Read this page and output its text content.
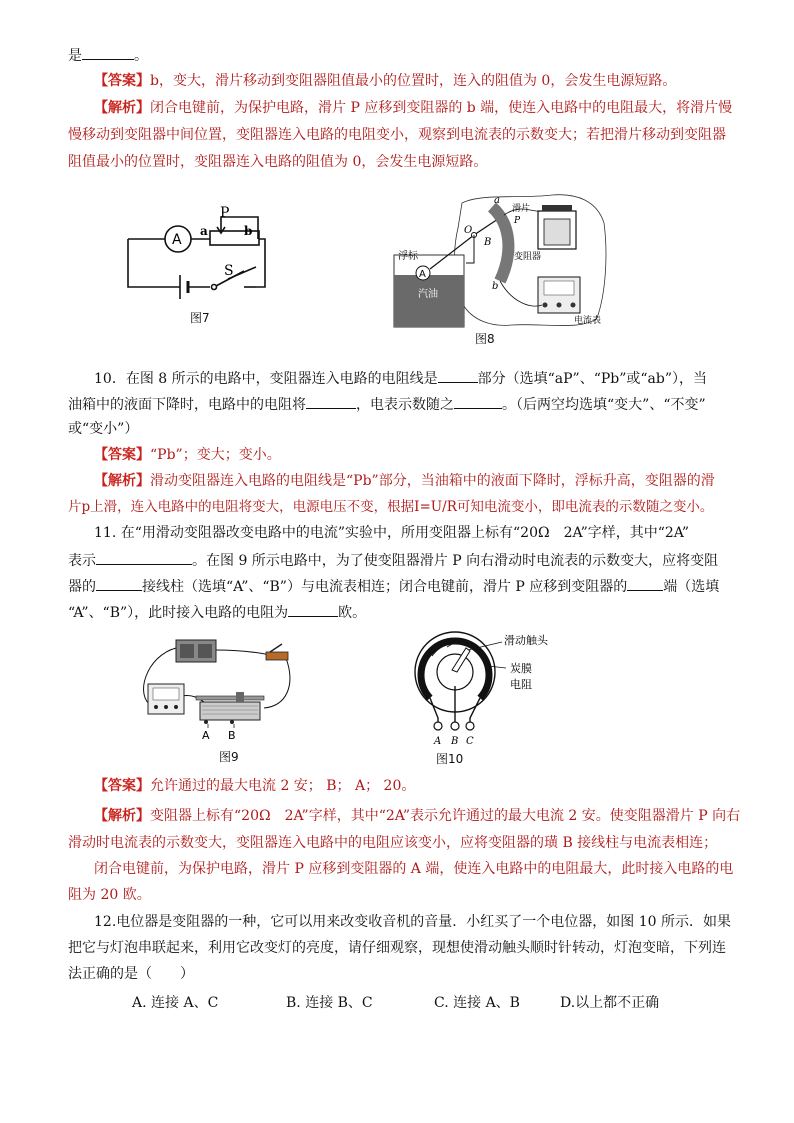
是	。
【答案】b，变大，滑片移动到变阻器阻值最小的位置时，连入的阻值为 0，会发生电源短路。
【解析】闭合电键前，为保护电路，滑片 P 应移到变阻器的 b 端，使连入电路中的电阻最大，将滑片慢
慢移动到变阻器中间位置，变阻器连入电路的电阻变小，观察到电流表的示数变大；若把滑片移动到变阻器
阻值最小的位置时，变阻器连入电路的阻值为 0，会发生电源短路。
A
P
a	b
S
图7
汽油
A
浮标
O
B
a
b
滑片
P
变阻器
电流表
图8
10．在图 8 所示的电路中，变阻器连入电路的电阻线是	部分（选填“aP”、“Pb”或“ab”），当
油箱中的液面下降时，电路中的电阻将	，电表示数随之	。（后两空均选填“变大”、“不变”
或“变小”）
【答案】“Pb”；变大；变小。
【解析】滑动变阻器连入电路的电阻线是“Pb”部分，当油箱中的液面下降时，浮标升高，变阻器的滑
片p上滑，连入电路中的电阻将变大，电源电压不变，根据I=U/R可知电流变小，即电流表的示数随之变小。
11. 在“用滑动变阻器改变电路中的电流”实验中，所用变阻器上标有“20Ω　2A”字样，其中“2A”
表示	。在图 9 所示电路中，为了使变阻器滑片 P 向右滑动时电流表的示数变大，应将变阻
器的	接线柱（选填“A”、“B”）与电流表相连；闭合电键前，滑片 P 应移到变阻器的	端（选填
“A”、“B”），此时接入电路的电阻为	欧。
A B
图9
A B C
滑动触头
炭膜
电阻
图10
【答案】允许通过的最大电流 2 安； B； A； 20。
【解析】变阻器上标有“20Ω　2A”字样，其中“2A”表示允许通过的最大电流 2 安。使变阻器滑片 P 向右
滑动时电流表的示数变大，变阻器连入电路中的电阻应该变小，应将变阻器的璜 B 接线柱与电流表相连；
闭合电键前，为保护电路，滑片 P 应移到变阻器的 A 端，使连入电路中的电阻最大，此时接入电路的电
阻为 20 欧。
12.电位器是变阻器的一种，它可以用来改变收音机的音量．小红买了一个电位器，如图 10 所示．如果
把它与灯泡串联起来，利用它改变灯的亮度，请仔细观察，现想使滑动触头顺时针转动，灯泡变暗，下列连
法正确的是（　　）
A. 连接 A、C	B. 连接 B、C	C. 连接 A、B	D.以上都不正确
